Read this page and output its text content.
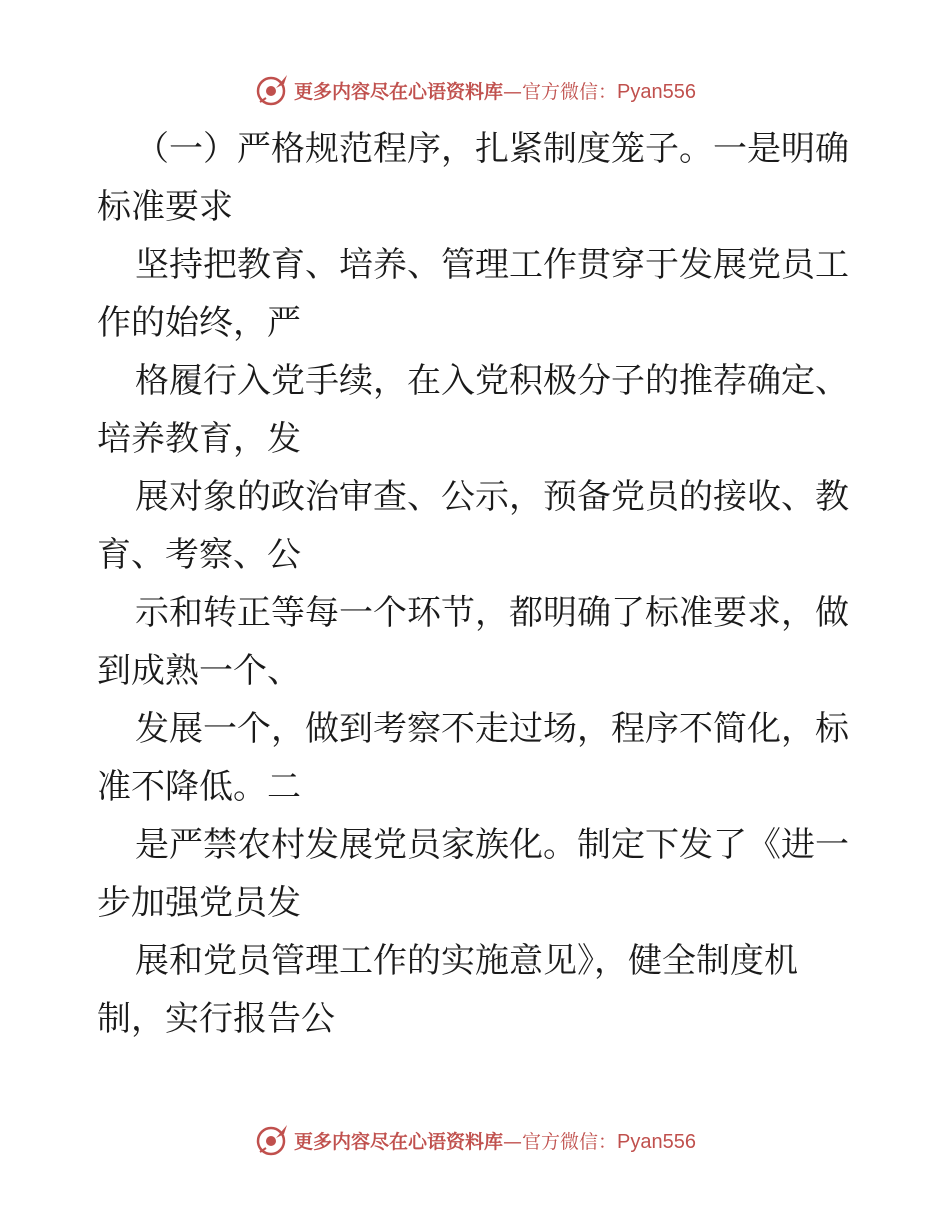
更多内容尽在心语资料库—官方微信：Pyan556
（一）严格规范程序，扎紧制度笼子。一是明确
标准要求
坚持把教育、培养、管理工作贯穿于发展党员工
作的始终，严
格履行入党手续，在入党积极分子的推荐确定、
培养教育，发
展对象的政治审查、公示，预备党员的接收、教
育、考察、公
示和转正等每一个环节，都明确了标准要求，做
到成熟一个、
发展一个，做到考察不走过场，程序不简化，标
准不降低。二
是严禁农村发展党员家族化。制定下发了《进一
步加强党员发
展和党员管理工作的实施意见》，健全制度机
制，实行报告公
更多内容尽在心语资料库—官方微信：Pyan556
